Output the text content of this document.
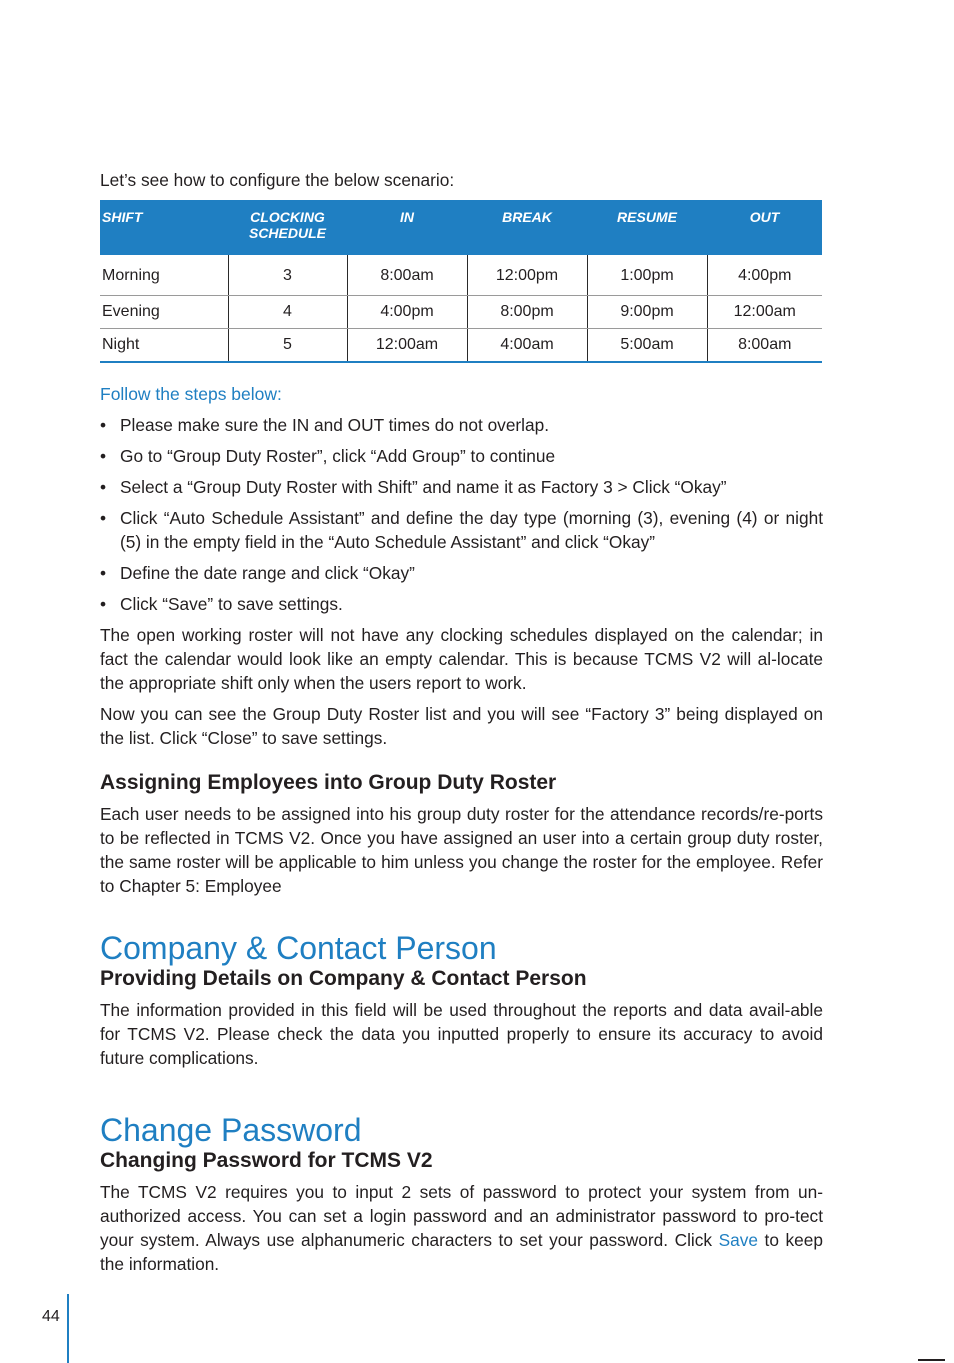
Let’s see how to configure the below scenario:

SHIFT	CLOCKING SCHEDULE	IN	BREAK	RESUME	OUT
Morning	3	8:00am	12:00pm	1:00pm	4:00pm
Evening	4	4:00pm	8:00pm	9:00pm	12:00am
Night	5	12:00am	4:00am	5:00am	8:00am
Follow the steps below:
• Please make sure the IN and OUT times do not overlap.
• Go to “Group Duty Roster”, click “Add Group” to continue
• Select a “Group Duty Roster with Shift” and name it as Factory 3 > Click “Okay”
• Click “Auto Schedule Assistant” and define the day type (morning (3), evening (4) or night (5) in the empty field in the “Auto Schedule Assistant” and click “Okay”
• Define the date range and click “Okay”
• Click “Save” to save settings.

The open working roster will not have any clocking schedules displayed on the calendar; in fact the calendar would look like an empty calendar. This is because TCMS V2 will al-locate the appropriate shift only when the users report to work.

Now you can see the Group Duty Roster list and you will see “Factory 3” being displayed on the list. Click “Close” to save settings.

Assigning Employees into Group Duty Roster

Each user needs to be assigned into his group duty roster for the attendance records/re-ports to be reflected in TCMS V2. Once you have assigned an user into a certain group duty roster, the same roster will be applicable to him unless you change the roster for the employee. Refer to Chapter 5: Employee

Company & Contact Person
Providing Details on Company & Contact Person

The information provided in this field will be used throughout the reports and data avail-able for TCMS V2. Please check the data you inputted properly to ensure its accuracy to avoid future complications.

Change Password
Changing Password for TCMS V2

The TCMS V2 requires you to input 2 sets of password to protect your system from un-authorized access. You can set a login password and an administrator password to pro-tect your system. Always use alphanumeric characters to set your password. Click Save to keep the information.

44
